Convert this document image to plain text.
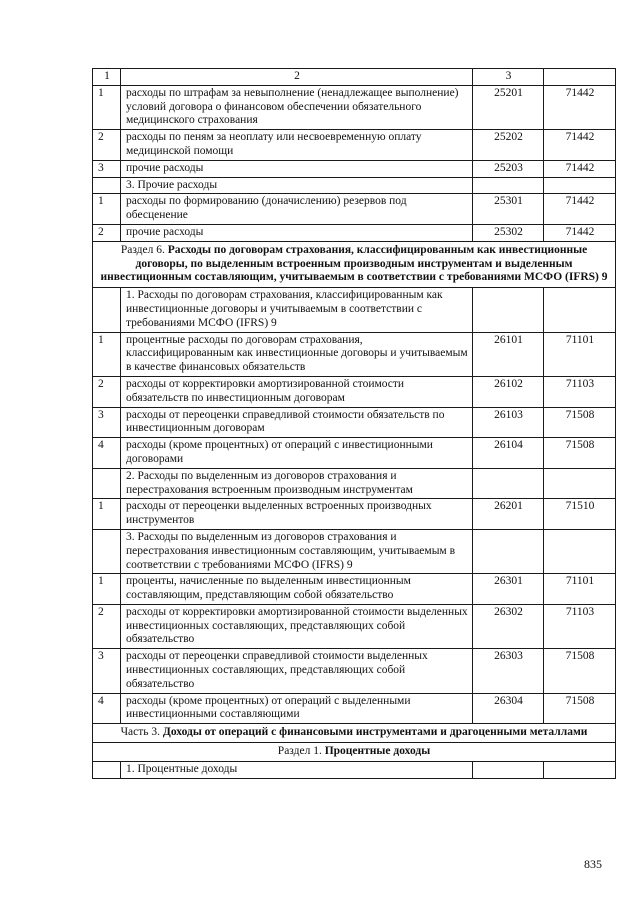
1	2	3	
1	расходы по штрафам за невыполнение (ненадлежащее выполнение) условий договора о финансовом обеспечении обязательного медицинского страхования	25201	71442
2	расходы по пеням за неоплату или несвоевременную оплату медицинской помощи	25202	71442
3	прочие расходы	25203	71442
	3. Прочие расходы		
1	расходы по формированию (доначислению) резервов под обесценение	25301	71442
2	прочие расходы	25302	71442
Раздел 6. Расходы по договорам страхования, классифицированным как инвестиционные договоры, по выделенным встроенным производным инструментам и выделенным инвестиционным составляющим, учитываемым в соответствии с требованиями МСФО (IFRS) 9			
	1. Расходы по договорам страхования, классифицированным как инвестиционные договоры и учитываемым в соответствии с требованиями МСФО (IFRS) 9		
1	процентные расходы по договорам страхования, классифицированным как инвестиционные договоры и учитываемым в качестве финансовых обязательств	26101	71101
2	расходы от корректировки амортизированной стоимости обязательств по инвестиционным договорам	26102	71103
3	расходы от переоценки справедливой стоимости обязательств по инвестиционным договорам	26103	71508
4	расходы (кроме процентных) от операций с инвестиционными договорами	26104	71508
	2. Расходы по выделенным из договоров страхования и перестрахования встроенным производным инструментам		
1	расходы от переоценки выделенных встроенных производных инструментов	26201	71510
	3. Расходы по выделенным из договоров страхования и перестрахования инвестиционным составляющим, учитываемым в соответствии с требованиями МСФО (IFRS) 9		
1	проценты, начисленные по выделенным инвестиционным составляющим, представляющим собой обязательство	26301	71101
2	расходы от корректировки амортизированной стоимости выделенных инвестиционных составляющих, представляющих собой обязательство	26302	71103
3	расходы от переоценки справедливой стоимости выделенных инвестиционных составляющих, представляющих собой обязательство	26303	71508
4	расходы (кроме процентных) от операций с выделенными инвестиционными составляющими	26304	71508
Часть 3. Доходы от операций с финансовыми инструментами и драгоценными металлами			
Раздел 1. Процентные доходы			
	1. Процентные доходы		
835
